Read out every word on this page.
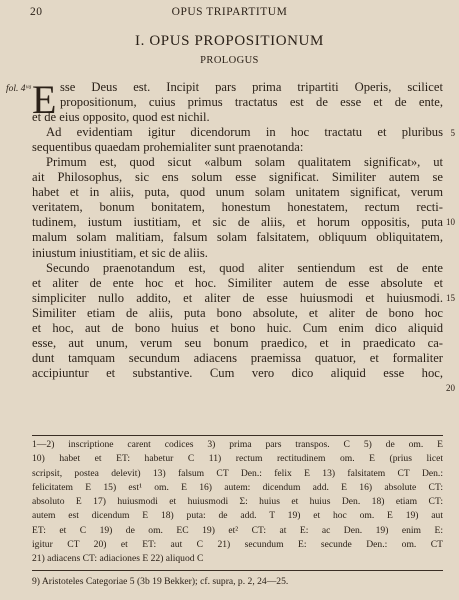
20	OPUS TRIPARTITUM
I. OPUS PROPOSITIONUM
PROLOGUS
fol. 4ᵛᵃ E sse Deus est. Incipit pars prima tripartiti Operis, scilicet
propositionum, cuius primus tractatus est de esse et de ente,
et de eius opposito, quod est nichil.
Ad evidentiam igitur dicendorum in hoc tractatu et pluribus
sequentibus quaedam prohemialiter sunt praenotanda:
Primum est, quod sicut «album solam qualitatem significat», ut
ait Philosophus, sic ens solum esse significat. Similiter autem se
habet et in aliis, puta, quod unum solam unitatem significat, verum
veritatem, bonum bonitatem, honestum honestatem, rectum recti-
tudinem, iustum iustitiam, et sic de aliis, et horum oppositis, puta
malum solam malitiam, falsum solam falsitatem, obliquum obliquitatem,
iniustum iniustitiam, et sic de aliis.
Secundo praenotandum est, quod aliter sentiendum est de ente
et aliter de ente hoc et hoc. Similiter autem de esse absolute et
simpliciter nullo addito, et aliter de esse huiusmodi et huiusmodi.
Similiter etiam de aliis, puta bono absolute, et aliter de bono hoc
et hoc, aut de bono huius et bono huic. Cum enim dico aliquid
esse, aut unum, verum seu bonum praedico, et in praedicato ca-
dunt tamquam secundum adiacens praemissa quatuor, et formaliter
accipiuntur et substantive. Cum vero dico aliquid esse hoc,
5
10
15
20
1—2) inscriptione carent codices 3) prima pars transpos. C 5) de om. E
10) habet et ET: habetur C 11) rectum rectitudinem om. E (prius licet
scripsit, postea delevit) 13) falsum CT Den.: felix E 13) falsitatem CT Den.:
felicitatem E 15) est¹ om. E 16) autem: dicendum add. E 16) absolute CT:
absoluto E 17) huiusmodi et huiusmodi Σ: huius et huius Den. 18) etiam CT:
autem est dicendum E 18) puta: de add. T 19) et hoc om. E 19) aut
ET: et C 19) de om. EC 19) et² CT: at E: ac Den. 19) enim E:
igitur CT 20) et ET: aut C 21) secundum E: secunde Den.: om. CT
21) adiacens CT: adiaciones E 22) aliquod C
9) Aristoteles Categoriae 5 (3b 19 Bekker); cf. supra, p. 2, 24—25.
